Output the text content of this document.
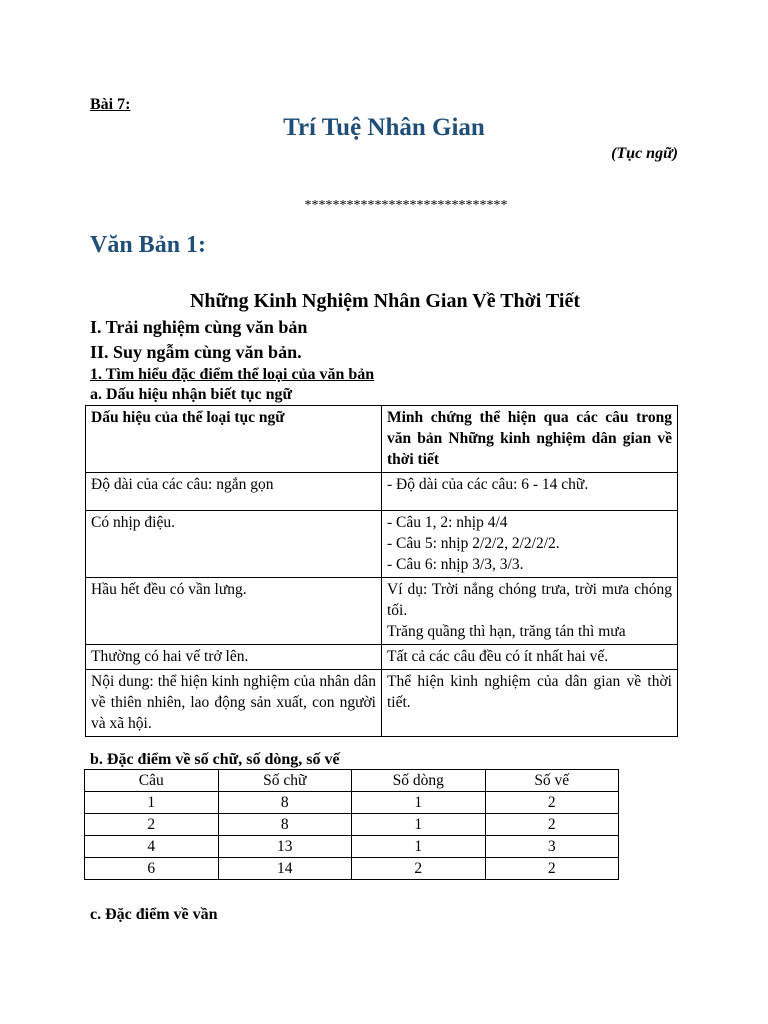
Bài 7:
Trí Tuệ Nhân Gian
(Tục ngữ)
*****************************
Văn Bản 1:
Những Kinh Nghiệm Nhân Gian Về Thời Tiết
I. Trải nghiệm cùng văn bản
II. Suy ngẫm cùng văn bản.
1. Tìm hiểu đặc điểm thể loại của văn bản
a. Dấu hiệu nhận biết tục ngữ
Dấu hiệu của thể loại tục ngữ	Minh chứng thể hiện qua các câu trong văn bản Những kinh nghiệm dân gian về thời tiết
Độ dài của các câu: ngắn gọn	- Độ dài của các câu: 6 - 14 chữ.

Có nhịp điệu.	- Câu 1, 2: nhịp 4/4
- Câu 5: nhịp 2/2/2, 2/2/2/2.
- Câu 6: nhịp 3/3, 3/3.

Hầu hết đều có vần lưng.	Ví dụ: Trời nắng chóng trưa, trời mưa chóng tối.
Trăng quầng thì hạn, trăng tán thì mưa

Thường có hai vế trở lên.	Tất cả các câu đều có ít nhất hai vế.

Nội dung: thể hiện kinh nghiệm của nhân dân về thiên nhiên, lao động sản xuất, con người và xã hội.	Thể hiện kinh nghiệm của dân gian về thời tiết.
b. Đặc điểm về số chữ, số dòng, số vế
Câu	Số chữ	Số dòng	Số vế
1	8	1	2
2	8	1	2
4	13	1	3
6	14	2	2
c. Đặc điểm về vần
